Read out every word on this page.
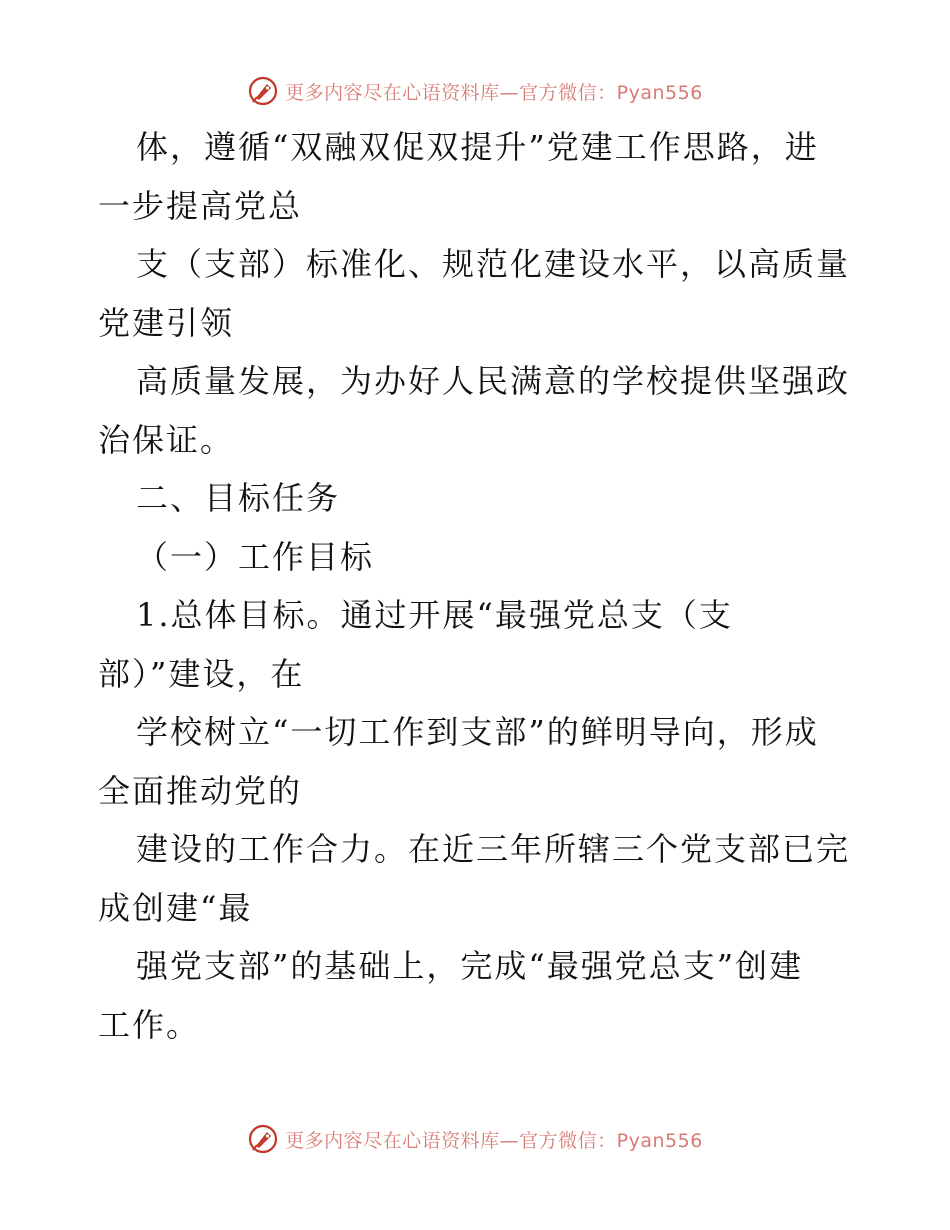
更多内容尽在心语资料库—官方微信：Pyan556
体，遵循“双融双促双提升”党建工作思路，进
一步提高党总
支（支部）标准化、规范化建设水平，以高质量
党建引领
高质量发展，为办好人民满意的学校提供坚强政
治保证。
二、目标任务
（一）工作目标
1.总体目标。通过开展“最强党总支（支
部）”建设，在
学校树立“一切工作到支部”的鲜明导向，形成
全面推动党的
建设的工作合力。在近三年所辖三个党支部已完
成创建“最
强党支部”的基础上，完成“最强党总支”创建
工作。
更多内容尽在心语资料库—官方微信：Pyan556
